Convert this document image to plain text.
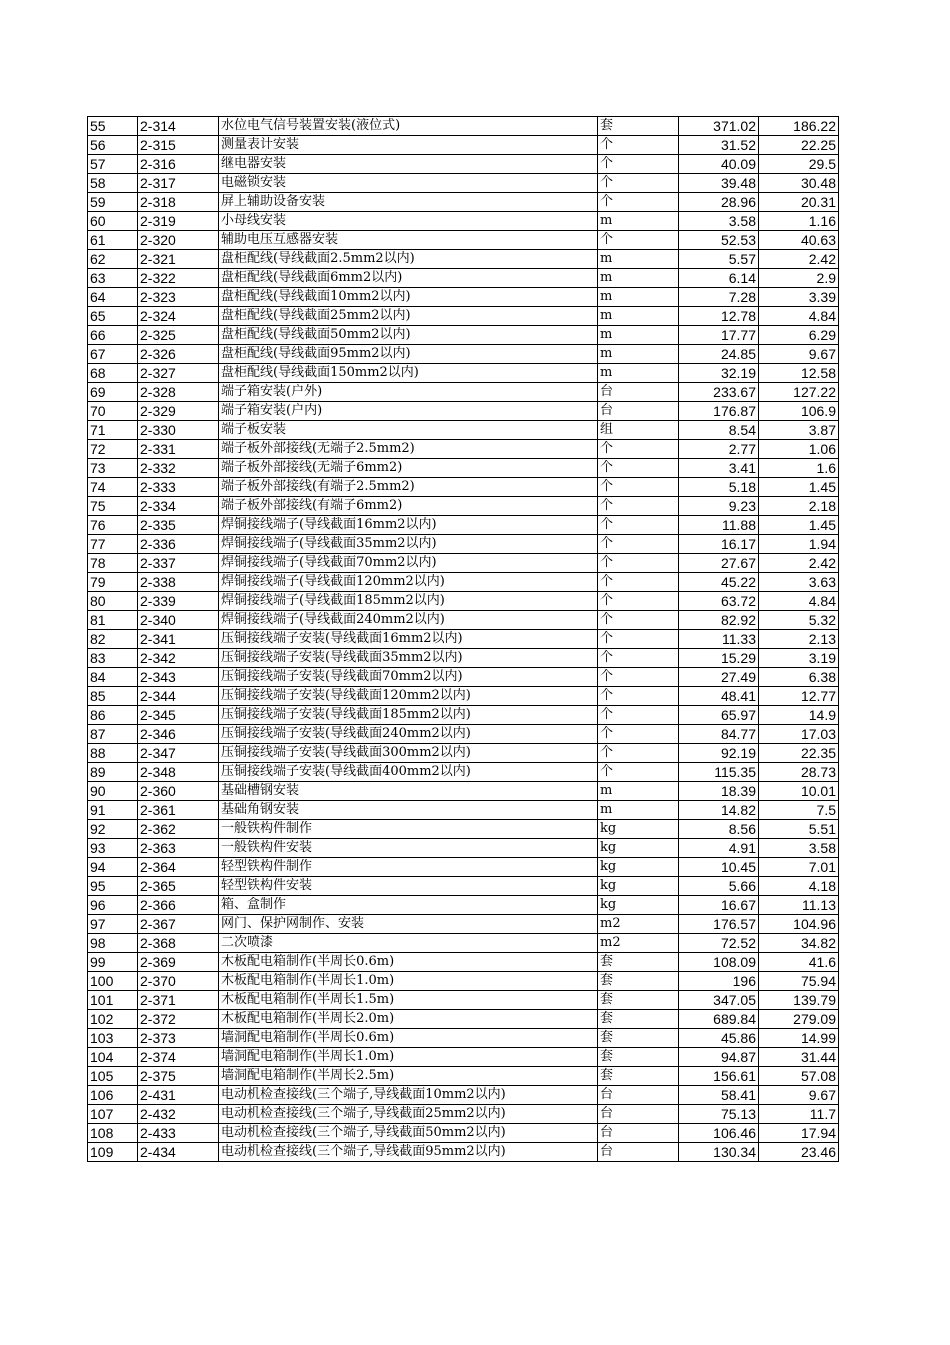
55	2-314	水位电气信号装置安装(液位式)	套	371.02	186.22
56	2-315	测量表计安装	个	31.52	22.25
57	2-316	继电器安装	个	40.09	29.5
58	2-317	电磁锁安装	个	39.48	30.48
59	2-318	屏上辅助设备安装	个	28.96	20.31
60	2-319	小母线安装	m	3.58	1.16
61	2-320	辅助电压互感器安装	个	52.53	40.63
62	2-321	盘柜配线(导线截面2.5mm2以内)	m	5.57	2.42
63	2-322	盘柜配线(导线截面6mm2以内)	m	6.14	2.9
64	2-323	盘柜配线(导线截面10mm2以内)	m	7.28	3.39
65	2-324	盘柜配线(导线截面25mm2以内)	m	12.78	4.84
66	2-325	盘柜配线(导线截面50mm2以内)	m	17.77	6.29
67	2-326	盘柜配线(导线截面95mm2以内)	m	24.85	9.67
68	2-327	盘柜配线(导线截面150mm2以内)	m	32.19	12.58
69	2-328	端子箱安装(户外)	台	233.67	127.22
70	2-329	端子箱安装(户内)	台	176.87	106.9
71	2-330	端子板安装	组	8.54	3.87
72	2-331	端子板外部接线(无端子2.5mm2)	个	2.77	1.06
73	2-332	端子板外部接线(无端子6mm2)	个	3.41	1.6
74	2-333	端子板外部接线(有端子2.5mm2)	个	5.18	1.45
75	2-334	端子板外部接线(有端子6mm2)	个	9.23	2.18
76	2-335	焊铜接线端子(导线截面16mm2以内)	个	11.88	1.45
77	2-336	焊铜接线端子(导线截面35mm2以内)	个	16.17	1.94
78	2-337	焊铜接线端子(导线截面70mm2以内)	个	27.67	2.42
79	2-338	焊铜接线端子(导线截面120mm2以内)	个	45.22	3.63
80	2-339	焊铜接线端子(导线截面185mm2以内)	个	63.72	4.84
81	2-340	焊铜接线端子(导线截面240mm2以内)	个	82.92	5.32
82	2-341	压铜接线端子安装(导线截面16mm2以内)	个	11.33	2.13
83	2-342	压铜接线端子安装(导线截面35mm2以内)	个	15.29	3.19
84	2-343	压铜接线端子安装(导线截面70mm2以内)	个	27.49	6.38
85	2-344	压铜接线端子安装(导线截面120mm2以内)	个	48.41	12.77
86	2-345	压铜接线端子安装(导线截面185mm2以内)	个	65.97	14.9
87	2-346	压铜接线端子安装(导线截面240mm2以内)	个	84.77	17.03
88	2-347	压铜接线端子安装(导线截面300mm2以内)	个	92.19	22.35
89	2-348	压铜接线端子安装(导线截面400mm2以内)	个	115.35	28.73
90	2-360	基础槽钢安装	m	18.39	10.01
91	2-361	基础角钢安装	m	14.82	7.5
92	2-362	一般铁构件制作	kg	8.56	5.51
93	2-363	一般铁构件安装	kg	4.91	3.58
94	2-364	轻型铁构件制作	kg	10.45	7.01
95	2-365	轻型铁构件安装	kg	5.66	4.18
96	2-366	箱、盒制作	kg	16.67	11.13
97	2-367	网门、保护网制作、安装	m2	176.57	104.96
98	2-368	二次喷漆	m2	72.52	34.82
99	2-369	木板配电箱制作(半周长0.6m)	套	108.09	41.6
100	2-370	木板配电箱制作(半周长1.0m)	套	196	75.94
101	2-371	木板配电箱制作(半周长1.5m)	套	347.05	139.79
102	2-372	木板配电箱制作(半周长2.0m)	套	689.84	279.09
103	2-373	墙洞配电箱制作(半周长0.6m)	套	45.86	14.99
104	2-374	墙洞配电箱制作(半周长1.0m)	套	94.87	31.44
105	2-375	墙洞配电箱制作(半周长2.5m)	套	156.61	57.08
106	2-431	电动机检查接线(三个端子,导线截面10mm2以内)	台	58.41	9.67
107	2-432	电动机检查接线(三个端子,导线截面25mm2以内)	台	75.13	11.7
108	2-433	电动机检查接线(三个端子,导线截面50mm2以内)	台	106.46	17.94
109	2-434	电动机检查接线(三个端子,导线截面95mm2以内)	台	130.34	23.46
